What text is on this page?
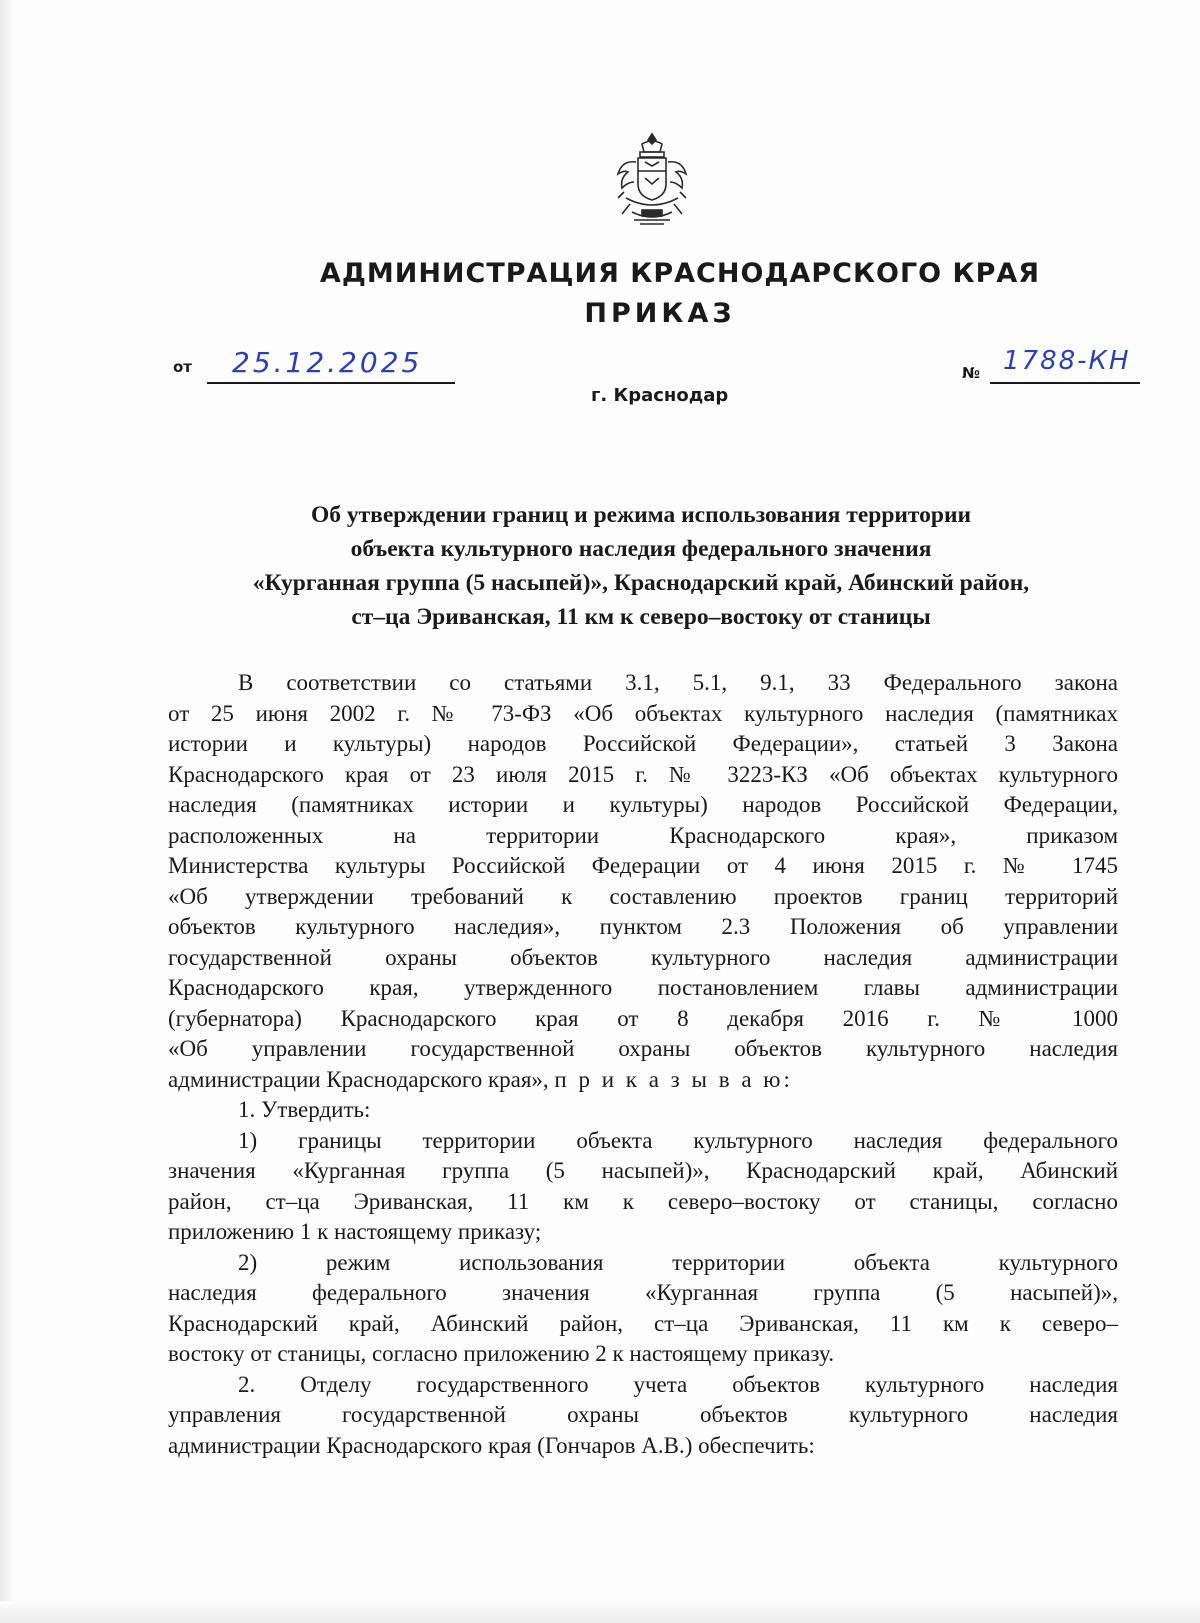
АДМИНИСТРАЦИЯ КРАСНОДАРСКОГО КРАЯ
ПРИКАЗ
от 25.12.2025
г. Краснодар
№ 1788-КН
Об утверждении границ и режима использования территории
объекта культурного наследия федерального значения
«Курганная группа (5 насыпей)», Краснодарский край, Абинский район,
ст–ца Эриванская, 11 км к северо–востоку от станицы
В соответствии со статьями 3.1, 5.1, 9.1, 33 Федерального закона
от 25 июня 2002 г. № 73-ФЗ «Об объектах культурного наследия (памятниках
истории и культуры) народов Российской Федерации», статьей 3 Закона
Краснодарского края от 23 июля 2015 г. № 3223-КЗ «Об объектах культурного
наследия (памятниках истории и культуры) народов Российской Федерации,
расположенных на территории Краснодарского края», приказом
Министерства культуры Российской Федерации от 4 июня 2015 г. № 1745
«Об утверждении требований к составлению проектов границ территорий
объектов культурного наследия», пунктом 2.3 Положения об управлении
государственной охраны объектов культурного наследия администрации
Краснодарского края, утвержденного постановлением главы администрации
(губернатора) Краснодарского края от 8 декабря 2016 г. № 1000
«Об управлении государственной охраны объектов культурного наследия
администрации Краснодарского края», п р и к а з ы в а ю:
1. Утвердить:
1) границы территории объекта культурного наследия федерального
значения «Курганная группа (5 насыпей)», Краснодарский край, Абинский
район, ст–ца Эриванская, 11 км к северо–востоку от станицы, согласно
приложению 1 к настоящему приказу;
2) режим использования территории объекта культурного
наследия федерального значения «Курганная группа (5 насыпей)»,
Краснодарский край, Абинский район, ст–ца Эриванская, 11 км к северо–
востоку от станицы, согласно приложению 2 к настоящему приказу.
2. Отделу государственного учета объектов культурного наследия
управления государственной охраны объектов культурного наследия
администрации Краснодарского края (Гончаров А.В.) обеспечить:
